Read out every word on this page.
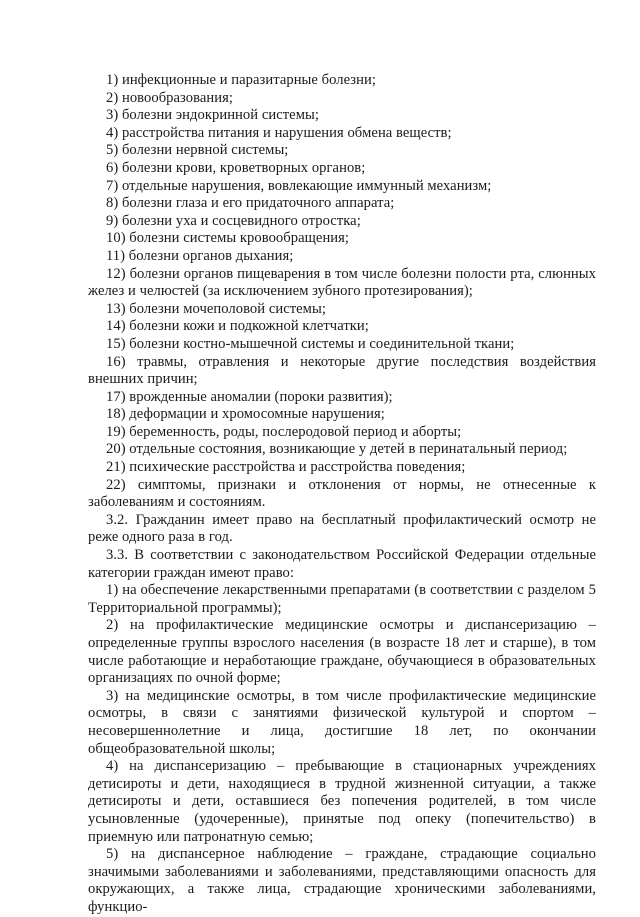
1) инфекционные и паразитарные болезни;

2) новообразования;

3) болезни эндокринной системы;

4) расстройства питания и нарушения обмена веществ;

5) болезни нервной системы;

6) болезни крови, кроветворных органов;

7) отдельные нарушения, вовлекающие иммунный механизм;

8) болезни глаза и его придаточного аппарата;

9) болезни уха и сосцевидного отростка;

10) болезни системы кровообращения;

11) болезни органов дыхания;

12) болезни органов пищеварения в том числе болезни полости рта, слюнных желез и челюстей (за исключением зубного протезирования);

13) болезни мочеполовой системы;

14) болезни кожи и подкожной клетчатки;

15) болезни костно-мышечной системы и соединительной ткани;

16) травмы, отравления и некоторые другие последствия воздействия внешних причин;

17) врожденные аномалии (пороки развития);

18) деформации и хромосомные нарушения;

19) беременность, роды, послеродовой период и аборты;

20) отдельные состояния, возникающие у детей в перинатальный период;

21) психические расстройства и расстройства поведения;

22) симптомы, признаки и отклонения от нормы, не отнесенные к заболеваниям и состояниям.

3.2. Гражданин имеет право на бесплатный профилактический осмотр не реже одного раза в год.

3.3. В соответствии с законодательством Российской Федерации отдельные категории граждан имеют право:

1) на обеспечение лекарственными препаратами (в соответствии с разделом 5 Территориальной программы);

2) на профилактические медицинские осмотры и диспансеризацию – определенные группы взрослого населения (в возрасте 18 лет и старше), в том числе работающие и неработающие граждане, обучающиеся в образовательных организациях по очной форме;

3) на медицинские осмотры, в том числе профилактические медицинские осмотры, в связи с занятиями физической культурой и спортом – несовершеннолетние и лица, достигшие 18 лет, по окончании общеобразовательной школы;

4) на диспансеризацию – пребывающие в стационарных учреждениях детисироты и дети, находящиеся в трудной жизненной ситуации, а также детисироты и дети, оставшиеся без попечения родителей, в том числе усыновленные (удочеренные), принятые под опеку (попечительство) в приемную или патронатную семью;

5) на диспансерное наблюдение – граждане, страдающие социально значимыми заболеваниями и заболеваниями, представляющими опасность для окружающих, а также лица, страдающие хроническими заболеваниями, функцио-
